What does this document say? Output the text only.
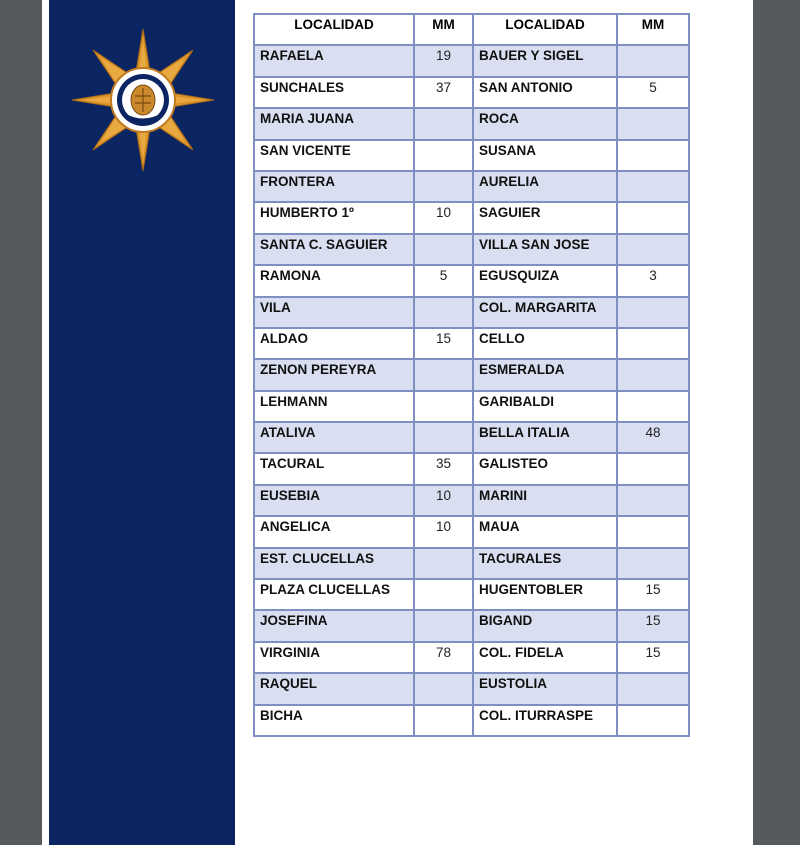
LOCALIDAD	MM	LOCALIDAD	MM
RAFAELA	19	BAUER Y SIGEL	
SUNCHALES	37	SAN ANTONIO	5
MARIA JUANA		ROCA	
SAN VICENTE		SUSANA	
FRONTERA		AURELIA	
HUMBERTO 1º	10	SAGUIER	
SANTA C. SAGUIER		VILLA SAN JOSE	
RAMONA	5	EGUSQUIZA	3
VILA		COL. MARGARITA	
ALDAO	15	CELLO	
ZENON PEREYRA		ESMERALDA	
LEHMANN		GARIBALDI	
ATALIVA		BELLA ITALIA	48
TACURAL	35	GALISTEO	
EUSEBIA	10	MARINI	
ANGELICA	10	MAUA	
EST. CLUCELLAS		TACURALES	
PLAZA CLUCELLAS		HUGENTOBLER	15
JOSEFINA		BIGAND	15
VIRGINIA	78	COL. FIDELA	15
RAQUEL		EUSTOLIA	
BICHA		COL. ITURRASPE	
